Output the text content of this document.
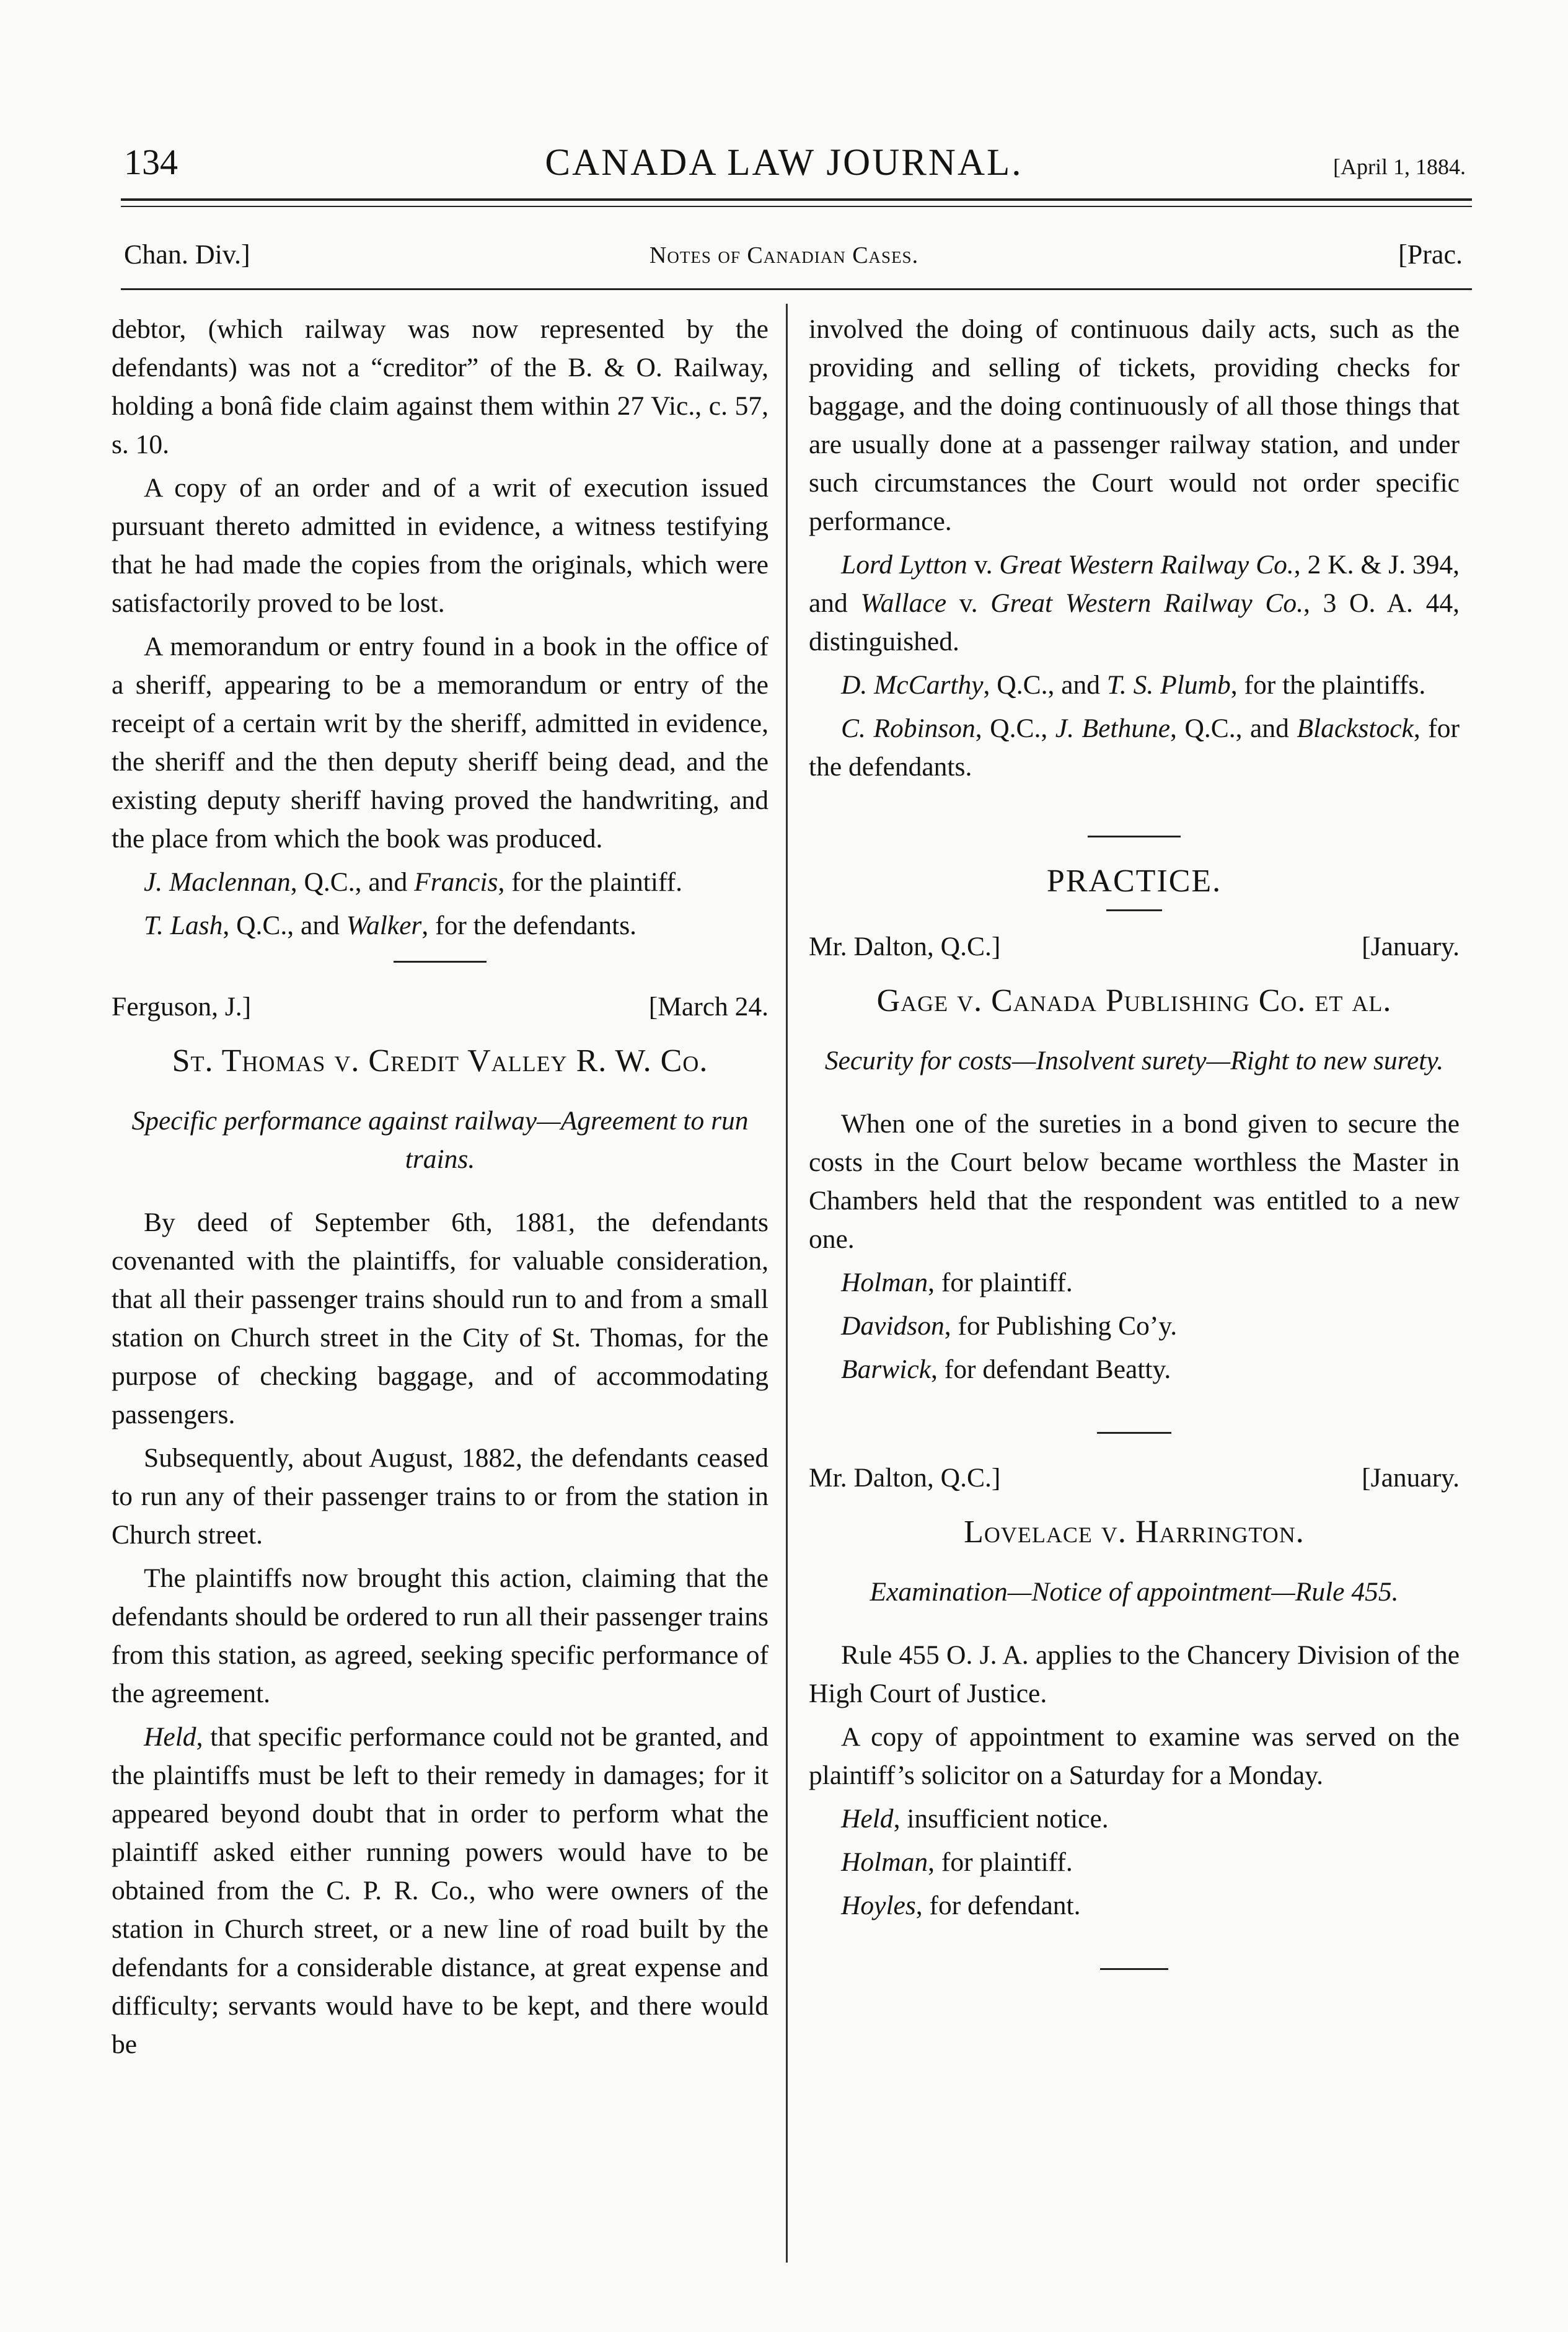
134	CANADA LAW JOURNAL.	[April 1, 1884.
Chan. Div.]	Notes of Canadian Cases.	[Prac.

debtor, (which railway was now represented by the defendants) was not a “creditor” of the B. & O. Railway, holding a bonâ fide claim against them within 27 Vic., c. 57, s. 10.

A copy of an order and of a writ of execution issued pursuant thereto admitted in evidence, a witness testifying that he had made the copies from the originals, which were satisfactorily proved to be lost.

A memorandum or entry found in a book in the office of a sheriff, appearing to be a memorandum or entry of the receipt of a certain writ by the sheriff, admitted in evidence, the sheriff and the then deputy sheriff being dead, and the existing deputy sheriff having proved the handwriting, and the place from which the book was produced.

J. Maclennan, Q.C., and Francis, for the plaintiff.

T. Lash, Q.C., and Walker, for the defendants.

Ferguson, J.]	[March 24.
St. Thomas v. Credit Valley R. W. Co.
Specific performance against railway—Agreement to run trains.

By deed of September 6th, 1881, the defendants covenanted with the plaintiffs, for valuable consideration, that all their passenger trains should run to and from a small station on Church street in the City of St. Thomas, for the purpose of checking baggage, and of accommodating passengers.

Subsequently, about August, 1882, the defendants ceased to run any of their passenger trains to or from the station in Church street.

The plaintiffs now brought this action, claiming that the defendants should be ordered to run all their passenger trains from this station, as agreed, seeking specific performance of the agreement.

Held, that specific performance could not be granted, and the plaintiffs must be left to their remedy in damages; for it appeared beyond doubt that in order to perform what the plaintiff asked either running powers would have to be obtained from the C. P. R. Co., who were owners of the station in Church street, or a new line of road built by the defendants for a considerable distance, at great expense and difficulty; servants would have to be kept, and there would be

involved the doing of continuous daily acts, such as the providing and selling of tickets, providing checks for baggage, and the doing continuously of all those things that are usually done at a passenger railway station, and under such circumstances the Court would not order specific performance.

Lord Lytton v. Great Western Railway Co., 2 K. & J. 394, and Wallace v. Great Western Railway Co., 3 O. A. 44, distinguished.

D. McCarthy, Q.C., and T. S. Plumb, for the plaintiffs.

C. Robinson, Q.C., J. Bethune, Q.C., and Blackstock, for the defendants.

PRACTICE.
Mr. Dalton, Q.C.]	[January.
Gage v. Canada Publishing Co. et al.
Security for costs—Insolvent surety—Right to new surety.

When one of the sureties in a bond given to secure the costs in the Court below became worthless the Master in Chambers held that the respondent was entitled to a new one.

Holman, for plaintiff.

Davidson, for Publishing Co’y.

Barwick, for defendant Beatty.

Mr. Dalton, Q.C.]	[January.
Lovelace v. Harrington.
Examination—Notice of appointment—Rule 455.

Rule 455 O. J. A. applies to the Chancery Division of the High Court of Justice.

A copy of appointment to examine was served on the plaintiff’s solicitor on a Saturday for a Monday.

Held, insufficient notice.

Holman, for plaintiff.

Hoyles, for defendant.
